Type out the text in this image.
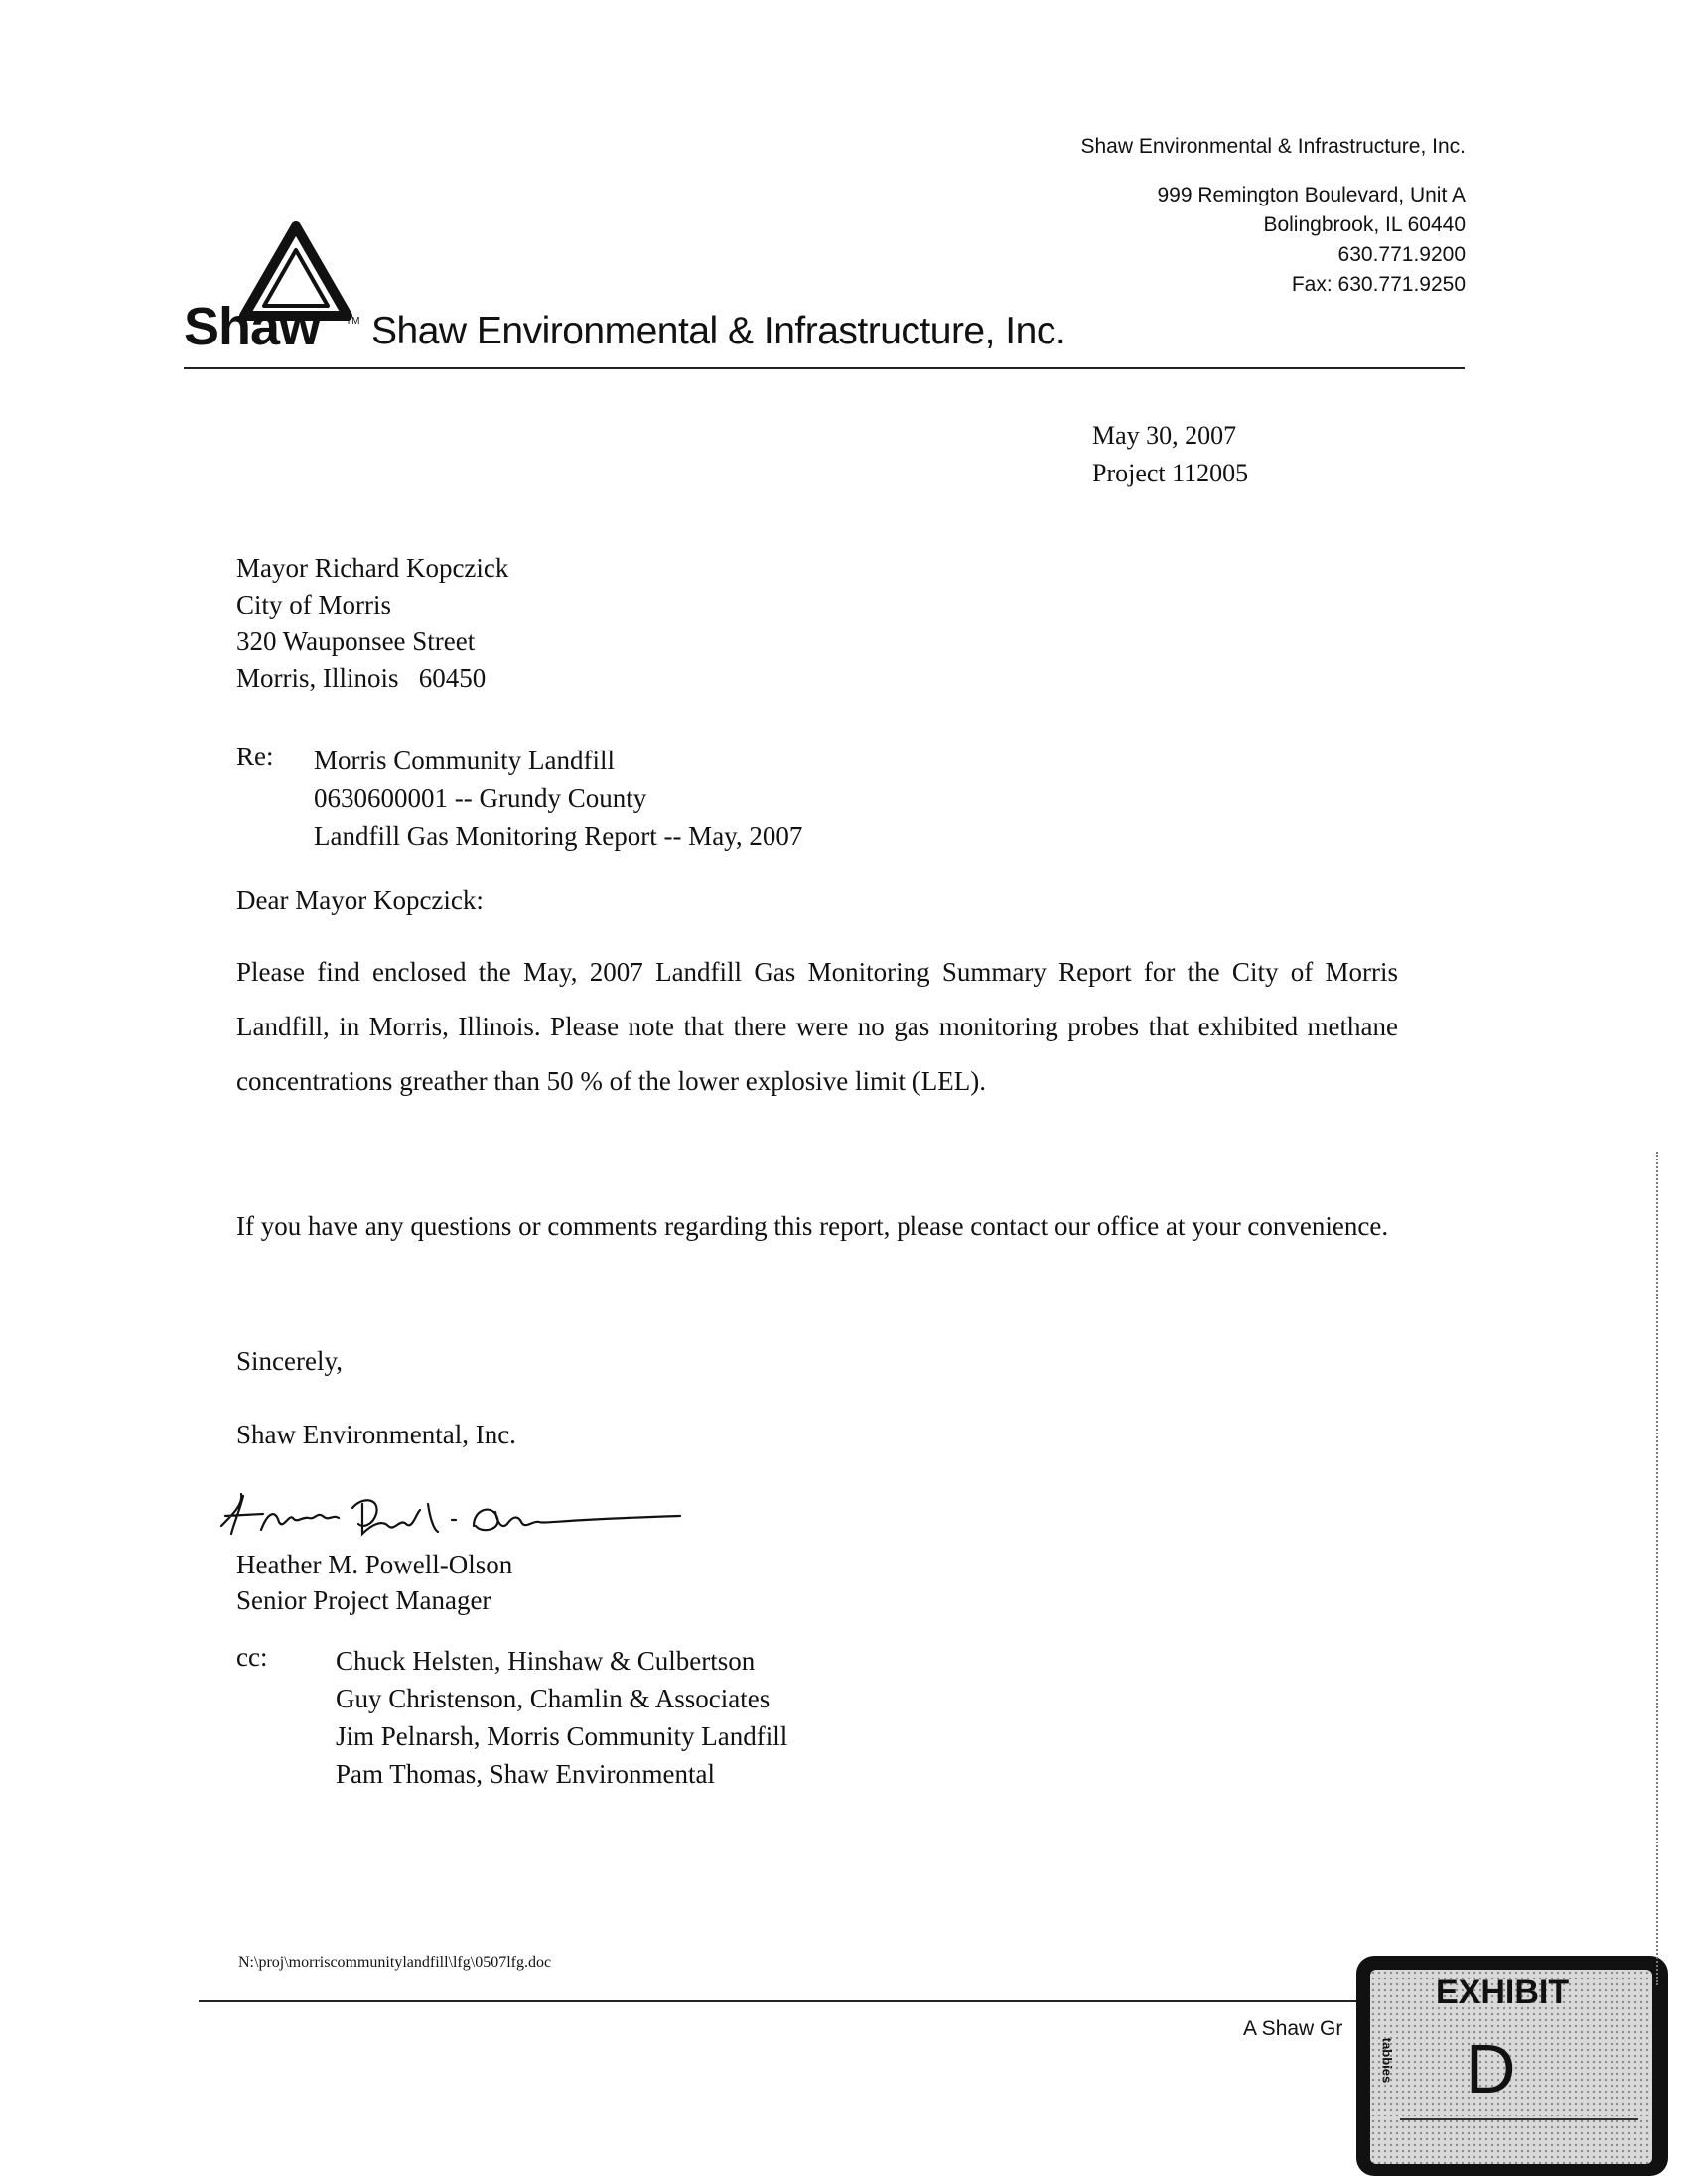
Shaw Environmental & Infrastructure, Inc.
999 Remington Boulevard, Unit A
Bolingbrook, IL 60440
630.771.9200
Fax: 630.771.9250
Shaw	TM Shaw Environmental & Infrastructure, Inc.
May 30, 2007
Project 112005
Mayor Richard Kopczick
City of Morris
320 Wauponsee Street
Morris, Illinois   60450
Re: Morris Community Landfill
0630600001 -- Grundy County
Landfill Gas Monitoring Report -- May, 2007
Dear Mayor Kopczick:

Please find enclosed the May, 2007 Landfill Gas Monitoring Summary Report for the City of Morris Landfill, in Morris, Illinois. Please note that there were no gas monitoring probes that exhibited methane concentrations greather than 50 % of the lower explosive limit (LEL).

If you have any questions or comments regarding this report, please contact our office at your convenience.

Sincerely,
Shaw Environmental, Inc.
Heather M. Powell-Olson
Senior Project Manager
cc:	Chuck Helsten, Hinshaw & Culbertson
Guy Christenson, Chamlin & Associates
Jim Pelnarsh, Morris Community Landfill
Pam Thomas, Shaw Environmental
N:\proj\morriscommunitylandfill\lfg\0507lfg.doc
A Shaw Gr
EXHIBIT
tabbies D
